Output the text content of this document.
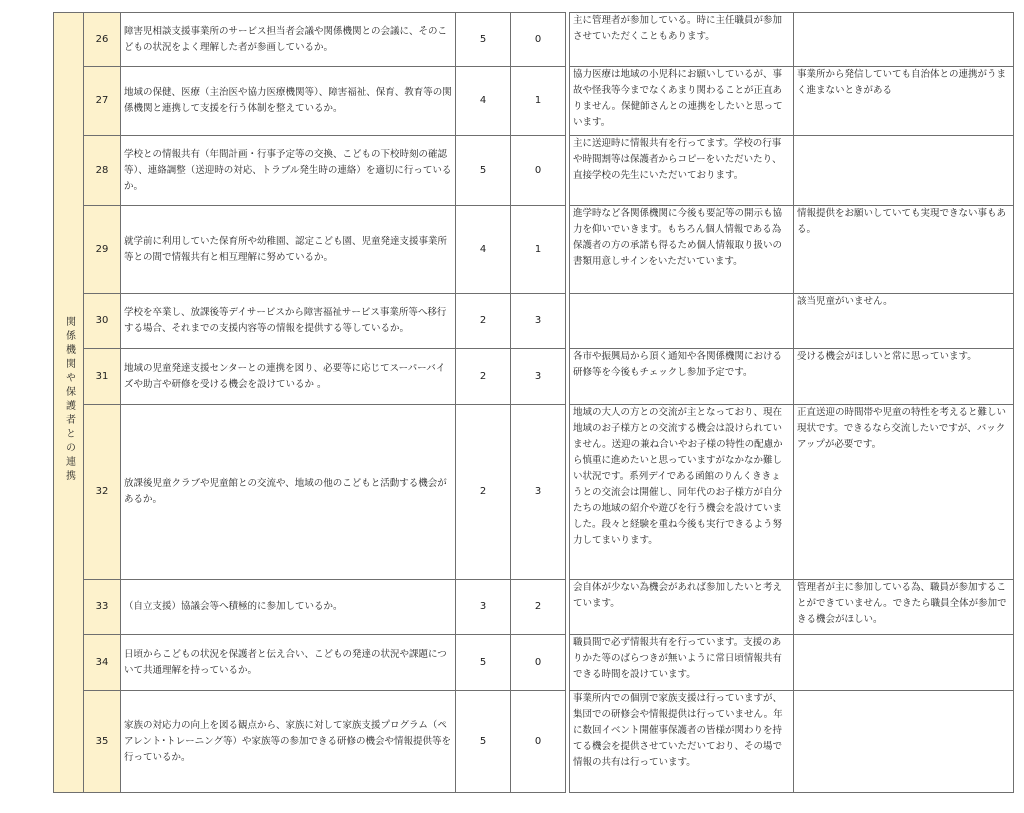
関係機関や保護者との連携	26	障害児相談支援事業所のサービス担当者会議や関係機関との会議に、そのこどもの状況をよく理解した者が参画しているか。	5	0		主に管理者が参加している。時に主任職員が参加させていただくこともあります。	
	27	地域の保健、医療（主治医や協力医療機関等）、障害福祉、保育、教育等の関係機関と連携して支援を行う体制を整えているか。	4	1		協力医療は地域の小児科にお願いしているが、事故や怪我等今までなくあまり関わることが正直ありません。保健師さんとの連携をしたいと思っています。	事業所から発信していても自治体との連携がうまく進まないときがある
	28	学校との情報共有（年間計画・行事予定等の交換、こどもの下校時刻の確認等）、連絡調整（送迎時の対応、トラブル発生時の連絡）を適切に行っているか。	5	0		主に送迎時に情報共有を行ってます。学校の行事や時間割等は保護者からコピーをいただいたり、直接学校の先生にいただいております。	
	29	就学前に利用していた保育所や幼稚園、認定こども園、児童発達支援事業所等との間で情報共有と相互理解に努めているか。	4	1		進学時など各関係機関に今後も要記等の開示も協力を仰いでいきます。もちろん個人情報である為保護者の方の承諾も得るため個人情報取り扱いの書類用意しサインをいただいています。	情報提供をお願いしていても実現できない事もある。
	30	学校を卒業し、放課後等デイサービスから障害福祉サービス事業所等へ移行する場合、それまでの支援内容等の情報を提供する等しているか。	2	3			該当児童がいません。
	31	地域の児童発達支援センターとの連携を図り、必要等に応じてスーパーバイズや助言や研修を受ける機会を設けているか 。	2	3		各市や振興局から頂く通知や各関係機関における研修等を今後もチェックし参加予定です。	受ける機会がほしいと常に思っています。
	32	放課後児童クラブや児童館との交流や、地域の他のこどもと活動する機会があるか。	2	3		地域の大人の方との交流が主となっており、現在地域のお子様方との交流する機会は設けられていません。送迎の兼ね合いやお子様の特性の配慮から慎重に進めたいと思っていますがなかなか難しい状況です。系列デイである函館のりんくききょうとの交流会は開催し、同年代のお子様方が自分たちの地域の紹介や遊びを行う機会を設けていました。段々と経験を重ね今後も実行できるよう努力してまいります。	正直送迎の時間帯や児童の特性を考えると難しい現状です。できるなら交流したいですが、バックアップが必要です。
	33	（自立支援）協議会等へ積極的に参加しているか。	3	2		会自体が少ない為機会があれば参加したいと考えています。	管理者が主に参加している為、職員が参加することができていません。できたら職員全体が参加できる機会がほしい。
	34	日頃からこどもの状況を保護者と伝え合い、こどもの発達の状況や課題について共通理解を持っているか。	5	0		職員間で必ず情報共有を行っています。支援のありかた等のばらつきが無いように常日頃情報共有できる時間を設けています。	
	35	家族の対応力の向上を図る観点から、家族に対して家族支援プログラム（ペアレント･トレーニング等）や家族等の参加できる研修の機会や情報提供等を行っているか。	5	0		事業所内での個別で家族支援は行っていますが、集団での研修会や情報提供は行っていません。年に数回イベント開催事保護者の皆様が関わりを持てる機会を提供させていただいており、その場で情報の共有は行っています。	
